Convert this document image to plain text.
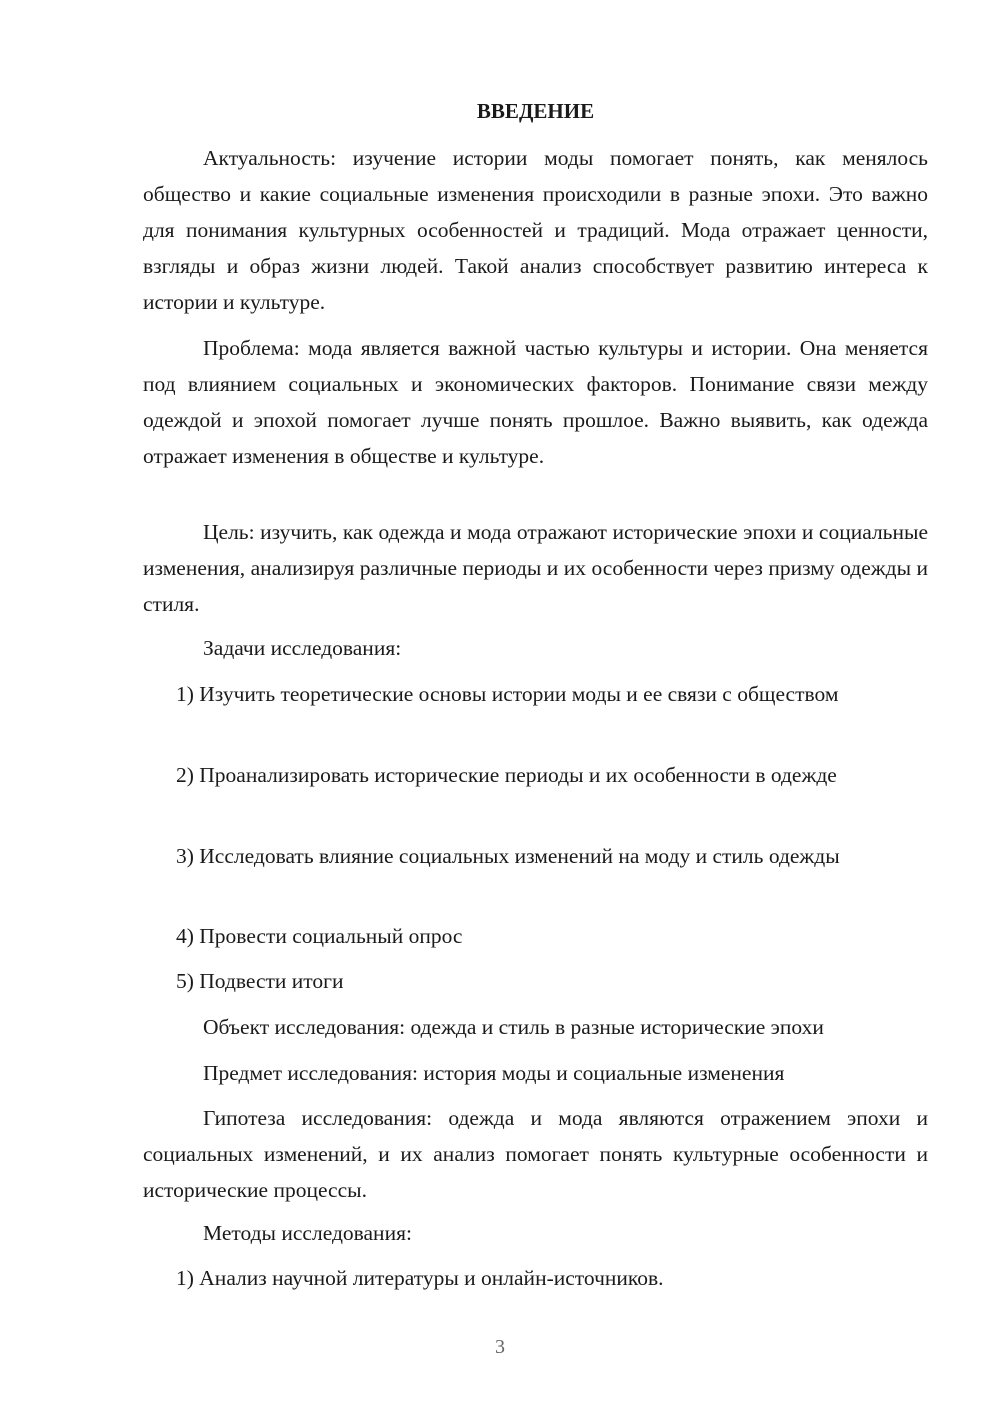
ВВЕДЕНИЕ

Актуальность: изучение истории моды помогает понять, как менялось общество и какие социальные изменения происходили в разные эпохи. Это важно для понимания культурных особенностей и традиций. Мода отражает ценности, взгляды и образ жизни людей. Такой анализ способствует развитию интереса к истории и культуре.

Проблема: мода является важной частью культуры и истории. Она меняется под влиянием социальных и экономических факторов. Понимание связи между одеждой и эпохой помогает лучше понять прошлое. Важно выявить, как одежда отражает изменения в обществе и культуре.

Цель: изучить, как одежда и мода отражают исторические эпохи и социальные изменения, анализируя различные периоды и их особенности через призму одежды и стиля.

Задачи исследования:

1) Изучить теоретические основы истории моды и ее связи с обществом

2) Проанализировать исторические периоды и их особенности в одежде

3) Исследовать влияние социальных изменений на моду и стиль одежды

4) Провести социальный опрос

5) Подвести итоги

Объект исследования: одежда и стиль в разные исторические эпохи

Предмет исследования: история моды и социальные изменения

Гипотеза исследования: одежда и мода являются отражением эпохи и социальных изменений, и их анализ помогает понять культурные особенности и исторические процессы.

Методы исследования:

1) Анализ научной литературы и онлайн-источников.

3
